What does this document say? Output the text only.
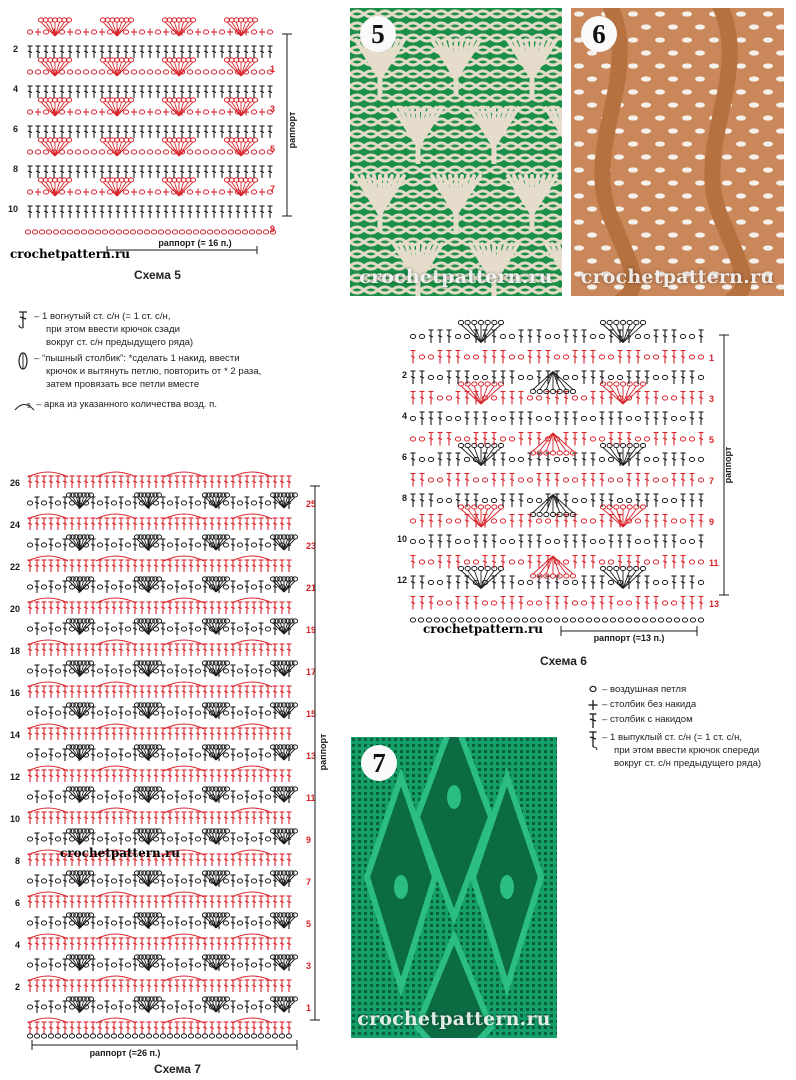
10
8
6
4
2
9
7
5
3
1
раппорт
раппорт (= 16 п.)
crochetpattern.ru
Схема 5
5
crochetpattern.ru
6
crochetpattern.ru
– 1 вогнутый ст. с/н (= 1 ст. с/н,
при этом ввести крючок сзади
вокруг ст. с/н предыдущего ряда)
– “пышный столбик”: *сделать 1 накид, ввести
крючок и вытянуть петлю, повторить от * 2 раза,
затем провязать все петли вместе
5 – арка из указанного количества возд. п.
12
10
8
6
4
2
13
11
9
7
5
3
1
раппорт
раппорт (=13 п.)
crochetpattern.ru
Схема 6
– воздушная петля
– столбик без накида
– столбик с накидом
– 1 выпуклый ст. с/н (= 1 ст. с/н,
при этом ввести крючок спереди
вокруг ст. с/н предыдущего ряда)
26
24
22
20
18
16
14
12
10
8
6
4
2
25
23
21
19
17
15
13
11
9
7
5
3
1
раппорт
раппорт (=26 п.)
crochetpattern.ru
Схема 7
7
crochetpattern.ru
